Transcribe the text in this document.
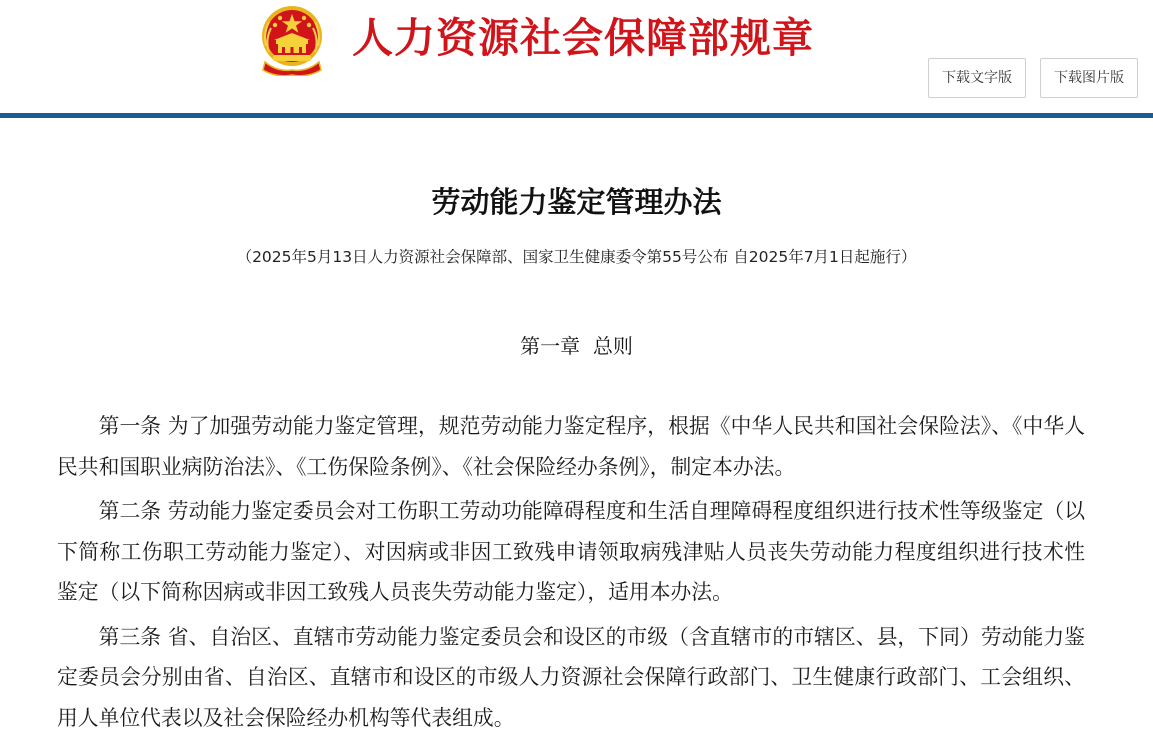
人力资源社会保障部规章
下载文字版	下载图片版
劳动能力鉴定管理办法
（2025年5月13日人力资源社会保障部、国家卫生健康委令第55号公布 自2025年7月1日起施行）
第一章  总则

第一条 为了加强劳动能力鉴定管理，规范劳动能力鉴定程序，根据《中华人民共和国社会保险法》、《中华人民共和国职业病防治法》、《工伤保险条例》、《社会保险经办条例》，制定本办法。

第二条 劳动能力鉴定委员会对工伤职工劳动功能障碍程度和生活自理障碍程度组织进行技术性等级鉴定（以下简称工伤职工劳动能力鉴定）、对因病或非因工致残申请领取病残津贴人员丧失劳动能力程度组织进行技术性鉴定（以下简称因病或非因工致残人员丧失劳动能力鉴定），适用本办法。

第三条 省、自治区、直辖市劳动能力鉴定委员会和设区的市级（含直辖市的市辖区、县，下同）劳动能力鉴定委员会分别由省、自治区、直辖市和设区的市级人力资源社会保障行政部门、卫生健康行政部门、工会组织、用人单位代表以及社会保险经办机构等代表组成。
